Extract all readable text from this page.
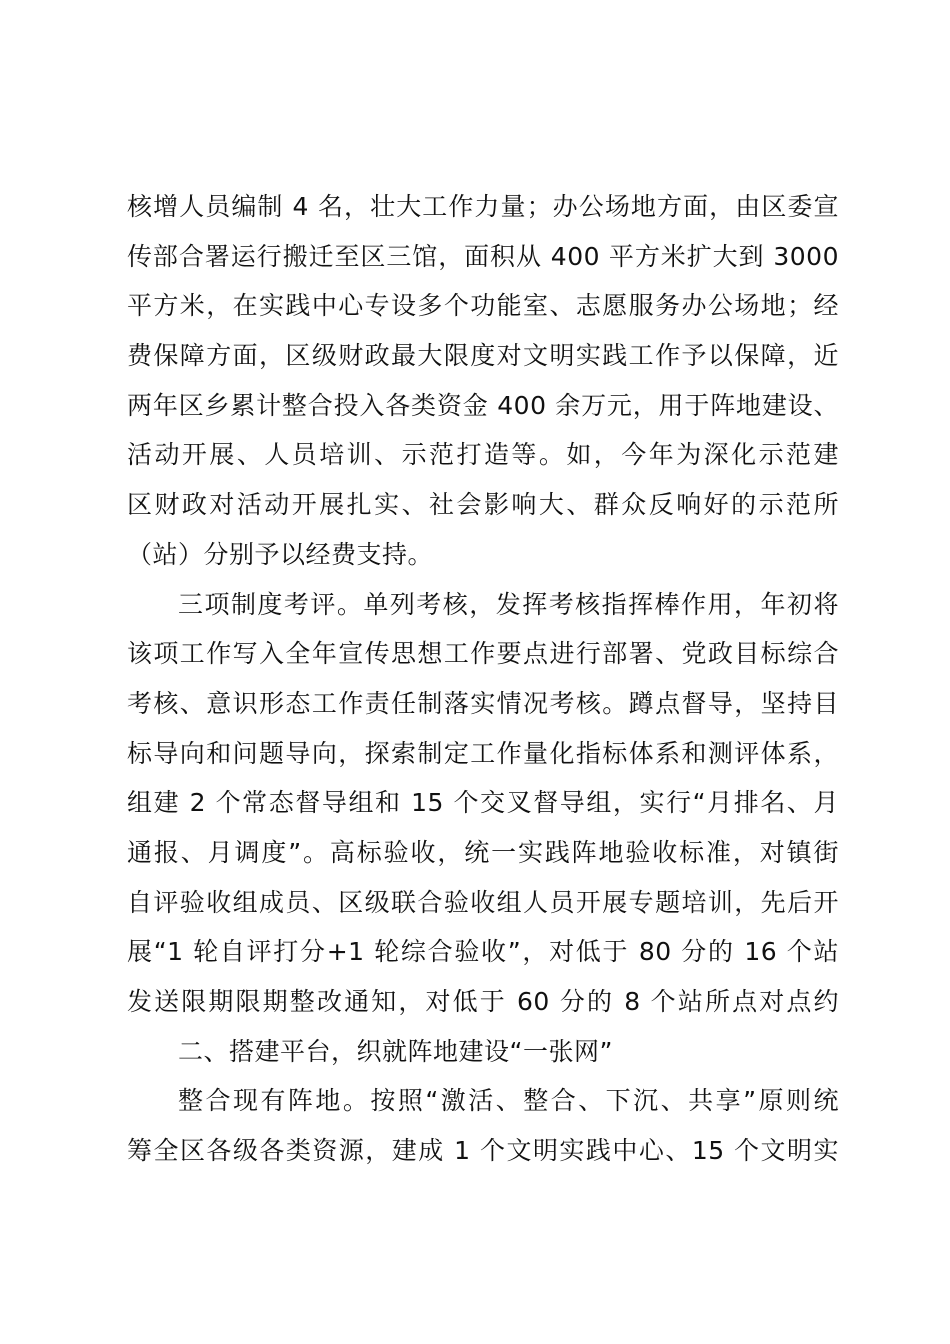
核增人员编制 4 名，壮大工作力量；办公场地方面，由区委宣
传部合署运行搬迁至区三馆，面积从 400 平方米扩大到 3000
平方米，在实践中心专设多个功能室、志愿服务办公场地；经
费保障方面，区级财政最大限度对文明实践工作予以保障，近
两年区乡累计整合投入各类资金 400 余万元，用于阵地建设、
活动开展、人员培训、示范打造等。如，今年为深化示范建
区财政对活动开展扎实、社会影响大、群众反响好的示范所
（站）分别予以经费支持。
三项制度考评。单列考核，发挥考核指挥棒作用，年初将
该项工作写入全年宣传思想工作要点进行部署、党政目标综合
考核、意识形态工作责任制落实情况考核。蹲点督导，坚持目
标导向和问题导向，探索制定工作量化指标体系和测评体系，
组建 2 个常态督导组和 15 个交叉督导组，实行“月排名、月
通报、月调度”。高标验收，统一实践阵地验收标准，对镇街
自评验收组成员、区级联合验收组人员开展专题培训，先后开
展“1 轮自评打分+1 轮综合验收”，对低于 80 分的 16 个站
发送限期限期整改通知，对低于 60 分的 8 个站所点对点约
二、搭建平台，织就阵地建设“一张网”
整合现有阵地。按照“激活、整合、下沉、共享”原则统
筹全区各级各类资源，建成 1 个文明实践中心、15 个文明实
